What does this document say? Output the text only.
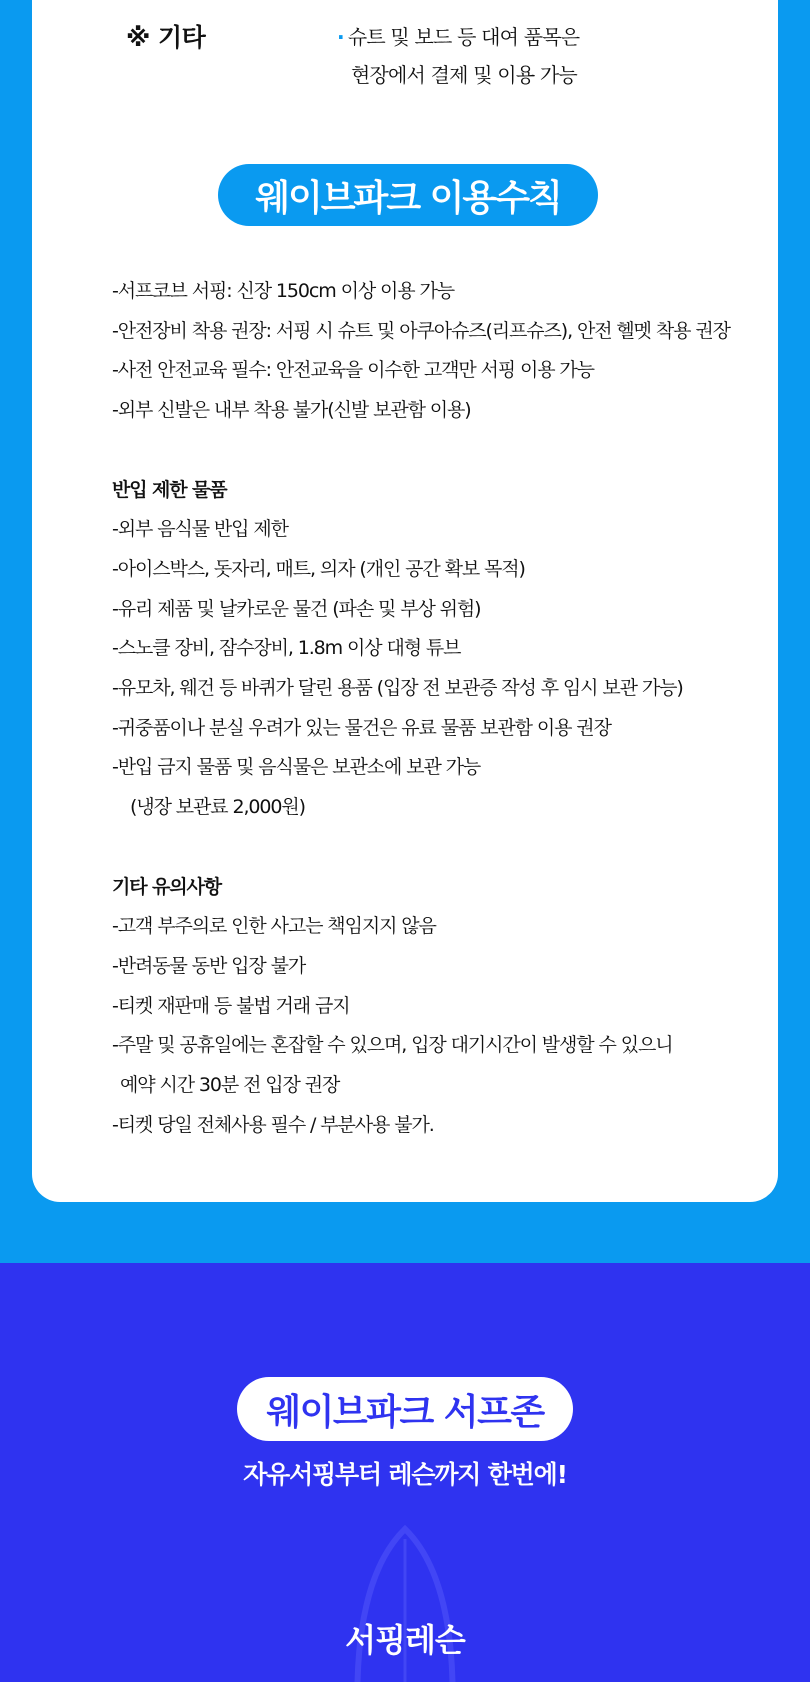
※ 기타	· 슈트 및 보드 등 대여 품목은
현장에서 결제 및 이용 가능
웨이브파크 이용수칙
-서프코브 서핑: 신장 150cm 이상 이용 가능
-안전장비 착용 권장: 서핑 시 슈트 및 아쿠아슈즈(리프슈즈), 안전 헬멧 착용 권장
-사전 안전교육 필수: 안전교육을 이수한 고객만 서핑 이용 가능
-외부 신발은 내부 착용 불가(신발 보관함 이용)
반입 제한 물품
-외부 음식물 반입 제한
-아이스박스, 돗자리, 매트, 의자 (개인 공간 확보 목적)
-유리 제품 및 날카로운 물건 (파손 및 부상 위험)
-스노클 장비, 잠수장비, 1.8m 이상 대형 튜브
-유모차, 웨건 등 바퀴가 달린 용품 (입장 전 보관증 작성 후 임시 보관 가능)
-귀중품이나 분실 우려가 있는 물건은 유료 물품 보관함 이용 권장
-반입 금지 물품 및 음식물은 보관소에 보관 가능
(냉장 보관료 2,000원)
기타 유의사항
-고객 부주의로 인한 사고는 책임지지 않음
-반려동물 동반 입장 불가
-티켓 재판매 등 불법 거래 금지
-주말 및 공휴일에는 혼잡할 수 있으며, 입장 대기시간이 발생할 수 있으니
예약 시간 30분 전 입장 권장
-티켓 당일 전체사용 필수 / 부분사용 불가.
웨이브파크 서프존
자유서핑부터 레슨까지 한번에!
서핑레슨
